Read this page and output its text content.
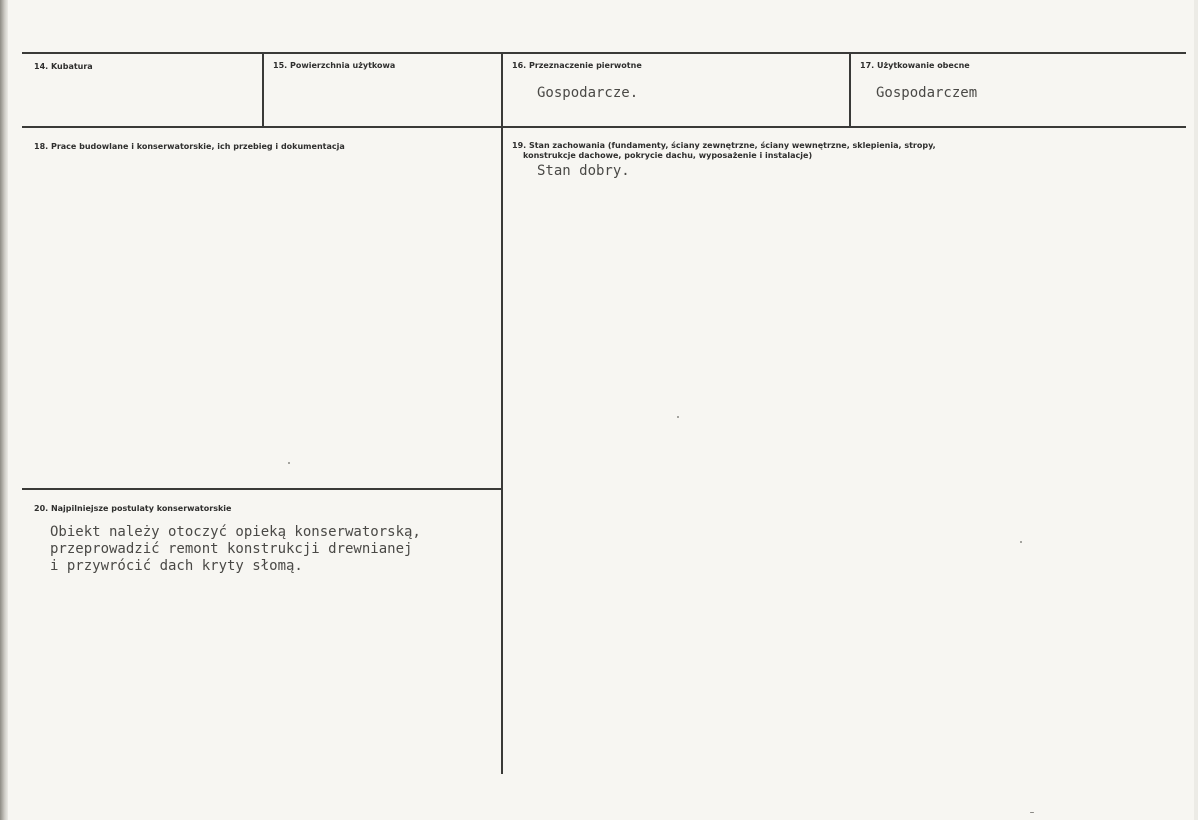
14. Kubatura	15. Powierzchnia użytkowa	16. Przeznaczenie pierwotne
Gospodarcze.
17. Użytkowanie obecne
Gospodarczem
18. Prace budowlane i konserwatorskie, ich przebieg i dokumentacja	19. Stan zachowania (fundamenty, ściany zewnętrzne, ściany wewnętrzne, sklepienia, stropy,
konstrukcje dachowe, pokrycie dachu, wyposażenie i instalacje)
Stan dobry.
20. Najpilniejsze postulaty konserwatorskie
Obiekt należy otoczyć opieką konserwatorską,
przeprowadzić remont konstrukcji drewnianej
i przywrócić dach kryty słomą.
